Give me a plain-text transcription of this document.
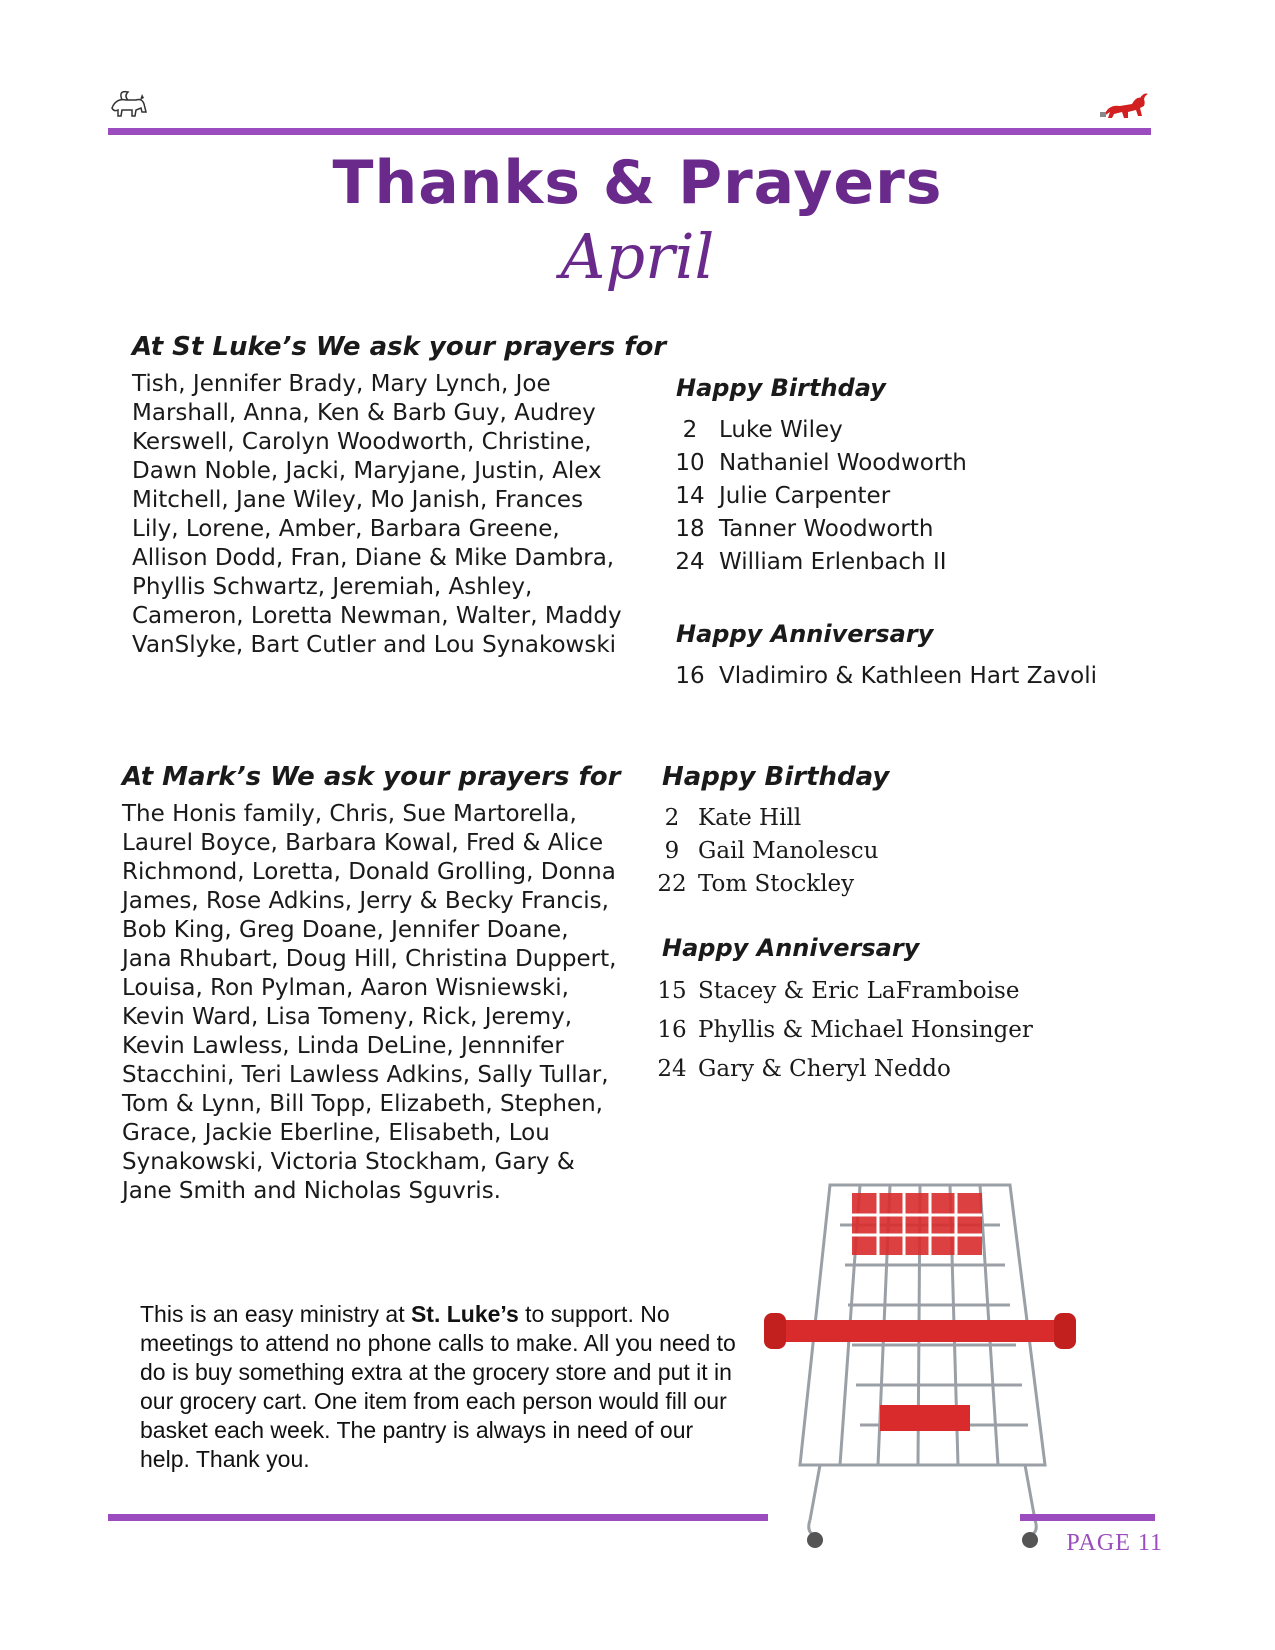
Thanks & Prayers
April
At St Luke’s We ask your prayers for

Tish, Jennifer Brady, Mary Lynch, Joe Marshall, Anna, Ken & Barb Guy, Audrey Kerswell, Carolyn Woodworth, Christine, Dawn Noble, Jacki, Maryjane, Justin, Alex Mitchell, Jane Wiley, Mo Janish, Frances Lily, Lorene, Amber, Barbara Greene, Allison Dodd, Fran, Diane & Mike Dambra, Phyllis Schwartz, Jeremiah, Ashley, Cameron, Loretta Newman, Walter, Maddy VanSlyke, Bart Cutler and Lou Synakowski

Happy Birthday
2 Luke Wiley
10 Nathaniel Woodworth
14 Julie Carpenter
18 Tanner Woodworth
24 William Erlenbach II
Happy Anniversary
16 Vladimiro & Kathleen Hart Zavoli
At Mark’s We ask your prayers for

The Honis family, Chris, Sue Martorella, Laurel Boyce, Barbara Kowal, Fred & Alice Richmond, Loretta, Donald Grolling, Donna James, Rose Adkins, Jerry & Becky Francis, Bob King, Greg Doane, Jennifer Doane, Jana Rhubart, Doug Hill, Christina Duppert, Louisa, Ron Pylman, Aaron Wisniewski, Kevin Ward, Lisa Tomeny, Rick, Jeremy, Kevin Lawless, Linda DeLine, Jennnifer Stacchini, Teri Lawless Adkins, Sally Tullar, Tom & Lynn, Bill Topp, Elizabeth, Stephen, Grace, Jackie Eberline, Elisabeth, Lou Synakowski, Victoria Stockham, Gary & Jane Smith and Nicholas Sguvris.

Happy Birthday
2 Kate Hill
9 Gail Manolescu
22 Tom Stockley
Happy Anniversary
15 Stacey & Eric LaFramboise
16 Phyllis & Michael Honsinger
24 Gary & Cheryl Neddo
This is an easy ministry at St. Luke’s to support. No meetings to attend no phone calls to make. All you need to do is buy something extra at the grocery store and put it in our grocery cart. One item from each person would fill our basket each week. The pantry is always in need of our help. Thank you.
PAGE 11
